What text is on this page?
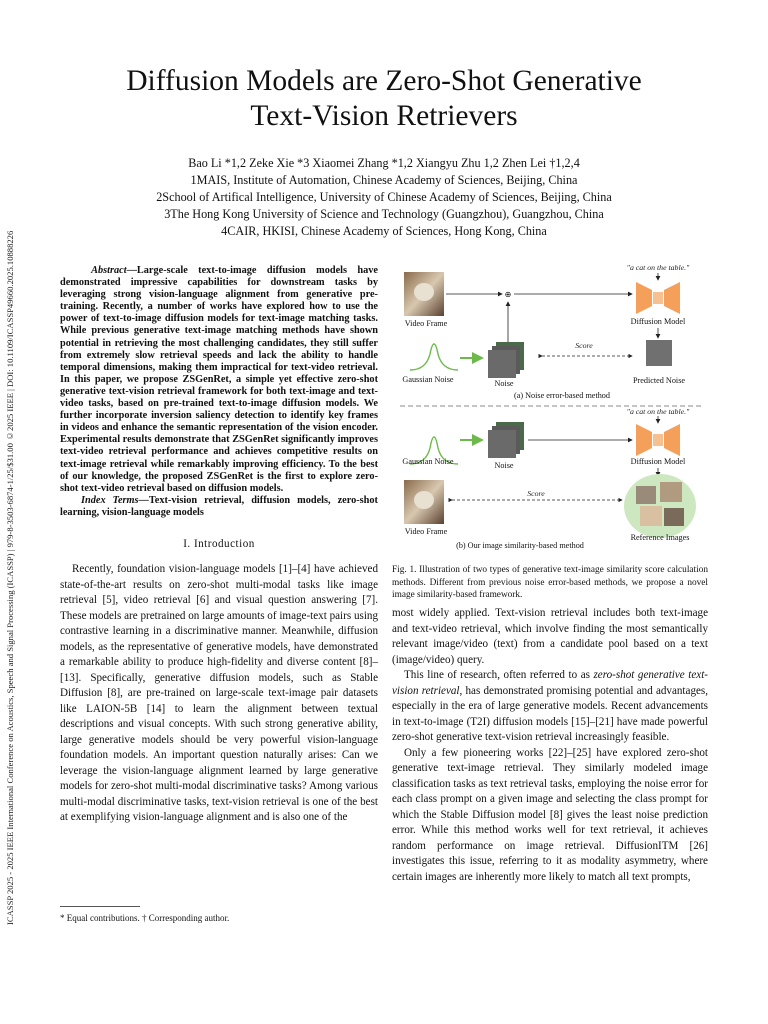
ICASSP 2025 - 2025 IEEE International Conference on Acoustics, Speech and Signal Processing (ICASSP) | 979-8-3503-6874-1/25/$31.00 ©2025 IEEE | DOI: 10.1109/ICASSP49660.2025.10888226
Diffusion Models are Zero-Shot Generative
Text-Vision Retrievers
Bao Li *1,2 Zeke Xie *3 Xiaomei Zhang *1,2 Xiangyu Zhu 1,2 Zhen Lei †1,2,4
1MAIS, Institute of Automation, Chinese Academy of Sciences, Beijing, China
2School of Artifical Intelligence, University of Chinese Academy of Sciences, Beijing, China
3The Hong Kong University of Science and Technology (Guangzhou), Guangzhou, China
4CAIR, HKISI, Chinese Academy of Sciences, Hong Kong, China
Abstract—Large-scale text-to-image diffusion models have demonstrated impressive capabilities for downstream tasks by leveraging strong vision-language alignment from generative pre-training. Recently, a number of works have explored how to use the power of text-to-image diffusion models for text-image matching tasks. While previous generative text-image matching methods have shown potential in retrieving the most challenging candidates, they still suffer from extremely slow retrieval speeds and lack the ability to handle temporal dimensions, making them impractical for text-video retrieval. In this paper, we propose ZSGenRet, a simple yet effective zero-shot generative text-vision retrieval framework for both text-image and text-video tasks, based on pre-trained text-to-image diffusion models. We further incorporate inversion saliency detection to identify key frames in videos and enhance the semantic representation of the vision encoder. Experimental results demonstrate that ZSGenRet significantly improves text-video retrieval performance and achieves competitive results on text-image retrieval while remarkably improving efficiency. To the best of our knowledge, the proposed ZSGenRet is the first to explore zero-shot text-video retrieval based on diffusion models.
Index Terms—Text-vision retrieval, diffusion models, zero-shot learning, vision-language models
I. Introduction

Recently, foundation vision-language models [1]–[4] have achieved state-of-the-art results on zero-shot multi-modal tasks like image retrieval [5], video retrieval [6] and visual question answering [7]. These models are pretrained on large amounts of image-text pairs using contrastive learning in a discriminative manner. Meanwhile, diffusion models, as the representative of generative models, have demonstrated a remarkable ability to produce high-fidelity and diverse content [8]–[13]. Specifically, generative diffusion models, such as Stable Diffusion [8], are pre-trained on large-scale text-image pair datasets like LAION-5B [14] to learn the alignment between textual descriptions and visual concepts. With such strong generative ability, large generative models should be very powerful vision-language foundation models. An important question naturally arises: Can we leverage the vision-language alignment learned by large generative models for zero-shot multi-modal discriminative tasks? Among various multi-modal discriminative tasks, text-vision retrieval is one of the best at exemplifying vision-language alignment and is also one of the

* Equal contributions. † Corresponding author.
"a cat on the table."
Video Frame
⊕
Diffusion Model
Gaussian Noise	Noise
Score
Predicted Noise
(a) Noise error-based method
"a cat on the table."
Gaussian Noise	Noise	Diffusion Model
Video Frame
Score
Reference Images
(b) Our image similarity-based method
Fig. 1. Illustration of two types of generative text-image similarity score calculation methods. Different from previous noise error-based methods, we propose a novel image similarity-based framework.

most widely applied. Text-vision retrieval includes both text-image and text-video retrieval, which involve finding the most semantically relevant image/video (text) from a candidate pool based on a text (image/video) query.

This line of research, often referred to as zero-shot generative text-vision retrieval, has demonstrated promising potential and advantages, especially in the era of large generative models. Recent advancements in text-to-image (T2I) diffusion models [15]–[21] have made powerful zero-shot generative text-vision retrieval increasingly feasible.

Only a few pioneering works [22]–[25] have explored zero-shot generative text-image retrieval. They similarly modeled image classification tasks as text retrieval tasks, employing the noise error for each class prompt on a given image and selecting the class prompt for which the Stable Diffusion model [8] gives the least noise prediction error. While this method works well for text retrieval, it achieves random performance on image retrieval. DiffusionITM [26] investigates this issue, referring to it as modality asymmetry, where certain images are inherently more likely to match all text prompts,
